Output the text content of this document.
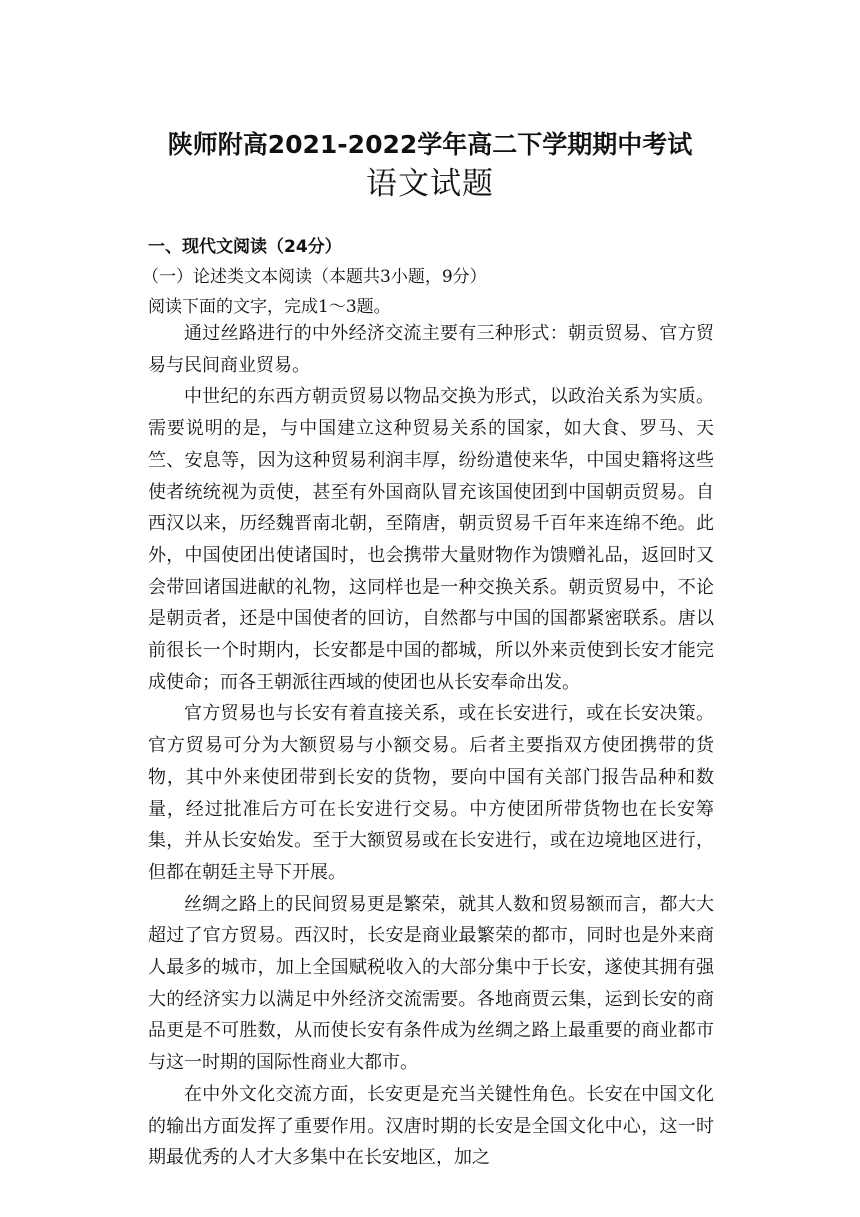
陕师附高2021-2022学年高二下学期期中考试
语文试题
一、现代文阅读（24分）
（一）论述类文本阅读（本题共3小题，9分）
阅读下面的文字，完成1～3题。

通过丝路进行的中外经济交流主要有三种形式：朝贡贸易、官方贸易与民间商业贸易。

中世纪的东西方朝贡贸易以物品交换为形式，以政治关系为实质。需要说明的是，与中国建立这种贸易关系的国家，如大食、罗马、天竺、安息等，因为这种贸易利润丰厚，纷纷遣使来华，中国史籍将这些使者统统视为贡使，甚至有外国商队冒充该国使团到中国朝贡贸易。自西汉以来，历经魏晋南北朝，至隋唐，朝贡贸易千百年来连绵不绝。此外，中国使团出使诸国时，也会携带大量财物作为馈赠礼品，返回时又会带回诸国进献的礼物，这同样也是一种交换关系。朝贡贸易中，不论是朝贡者，还是中国使者的回访，自然都与中国的国都紧密联系。唐以前很长一个时期内，长安都是中国的都城，所以外来贡使到长安才能完成使命；而各王朝派往西域的使团也从长安奉命出发。

官方贸易也与长安有着直接关系，或在长安进行，或在长安决策。官方贸易可分为大额贸易与小额交易。后者主要指双方使团携带的货物，其中外来使团带到长安的货物，要向中国有关部门报告品种和数量，经过批准后方可在长安进行交易。中方使团所带货物也在长安筹集，并从长安始发。至于大额贸易或在长安进行，或在边境地区进行，但都在朝廷主导下开展。

丝绸之路上的民间贸易更是繁荣，就其人数和贸易额而言，都大大超过了官方贸易。西汉时，长安是商业最繁荣的都市，同时也是外来商人最多的城市，加上全国赋税收入的大部分集中于长安，遂使其拥有强大的经济实力以满足中外经济交流需要。各地商贾云集，运到长安的商品更是不可胜数，从而使长安有条件成为丝绸之路上最重要的商业都市与这一时期的国际性商业大都市。

在中外文化交流方面，长安更是充当关键性角色。长安在中国文化的输出方面发挥了重要作用。汉唐时期的长安是全国文化中心，这一时期最优秀的人才大多集中在长安地区，加之
